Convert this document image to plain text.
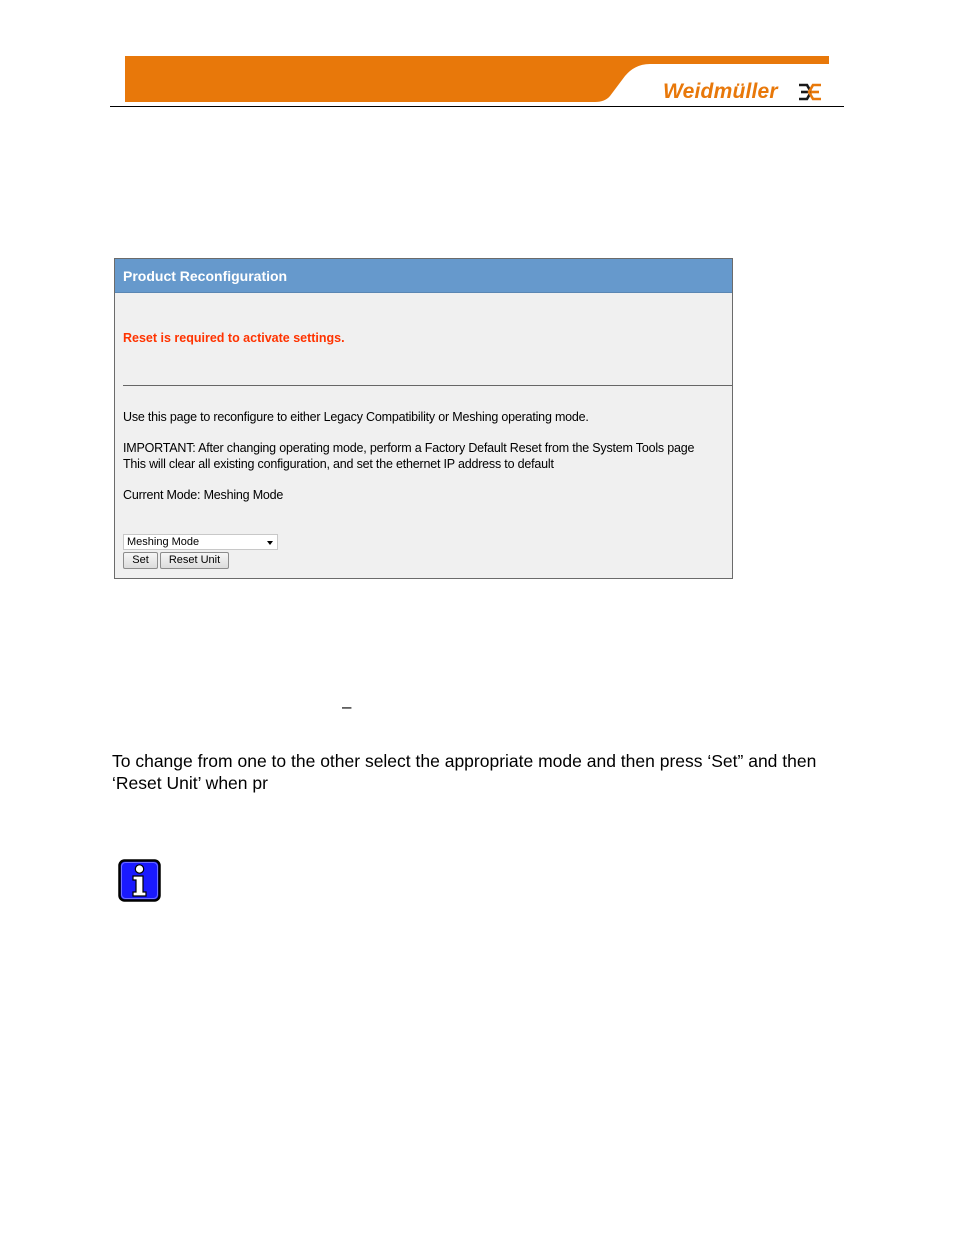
Weidmüller
Product Reconfiguration
Reset is required to activate settings.
Use this page to reconfigure to either Legacy Compatibility or Meshing operating mode.
IMPORTANT: After changing operating mode, perform a Factory Default Reset from the System Tools page
This will clear all existing configuration, and set the ethernet IP address to default
Current Mode: Meshing Mode
Meshing Mode
Set	Reset Unit
–
To change from one to the other select the appropriate mode and then press ‘Set” and then ‘Reset Unit’ when pr
